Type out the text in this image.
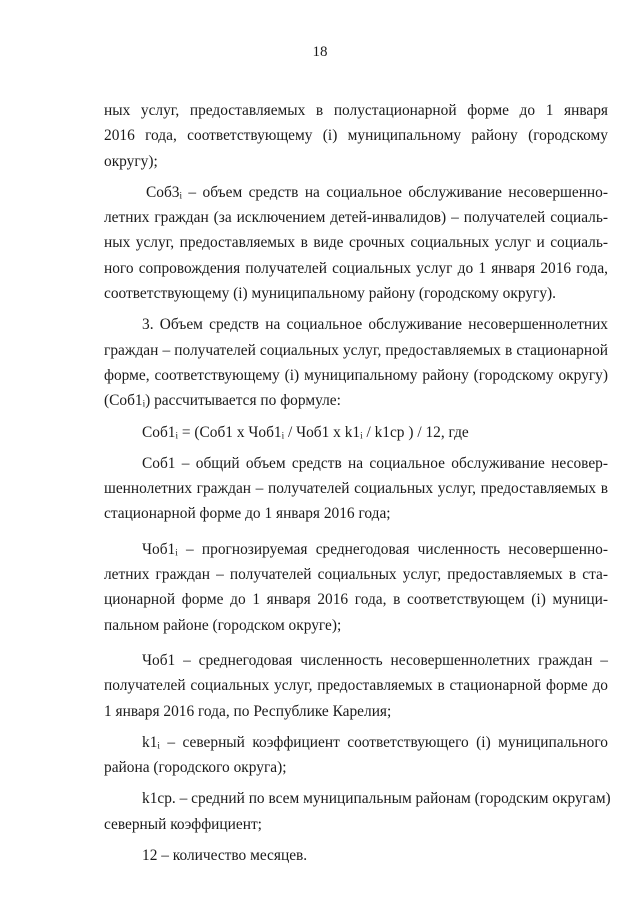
18
ных услуг, предоставляемых в полустационарной форме до 1 января
2016 года, соответствующему (i) муниципальному району (городскому
округу);
Соб3ᵢ – объем средств на социальное обслуживание несовершенно-
летних граждан (за исключением детей-инвалидов) – получателей социаль-
ных услуг, предоставляемых в виде срочных социальных услуг и социаль-
ного сопровождения получателей социальных услуг до 1 января 2016 года,
соответствующему (i) муниципальному району (городскому округу).
3. Объем средств на социальное обслуживание несовершеннолетних
граждан – получателей социальных услуг, предоставляемых в стационарной
форме, соответствующему (i) муниципальному району (городскому округу)
(Соб1ᵢ) рассчитывается по формуле:
Соб1ᵢ = (Соб1 x Чоб1ᵢ / Чоб1 x k1ᵢ / k1ср ) / 12, где
Соб1 – общий объем средств на социальное обслуживание несовер-
шеннолетних граждан – получателей социальных услуг, предоставляемых в
стационарной форме до 1 января 2016 года;
Чоб1ᵢ – прогнозируемая среднегодовая численность несовершенно-
летних граждан – получателей социальных услуг, предоставляемых в ста-
ционарной форме до 1 января 2016 года, в соответствующем (i) муници-
пальном районе (городском округе);
Чоб1 – среднегодовая численность несовершеннолетних граждан –
получателей социальных услуг, предоставляемых в стационарной форме до
1 января 2016 года, по Республике Карелия;
k1ᵢ – северный коэффициент соответствующего (i) муниципального
района (городского округа);
k1ср. – средний по всем муниципальным районам (городским округам)
северный коэффициент;
12 – количество месяцев.
